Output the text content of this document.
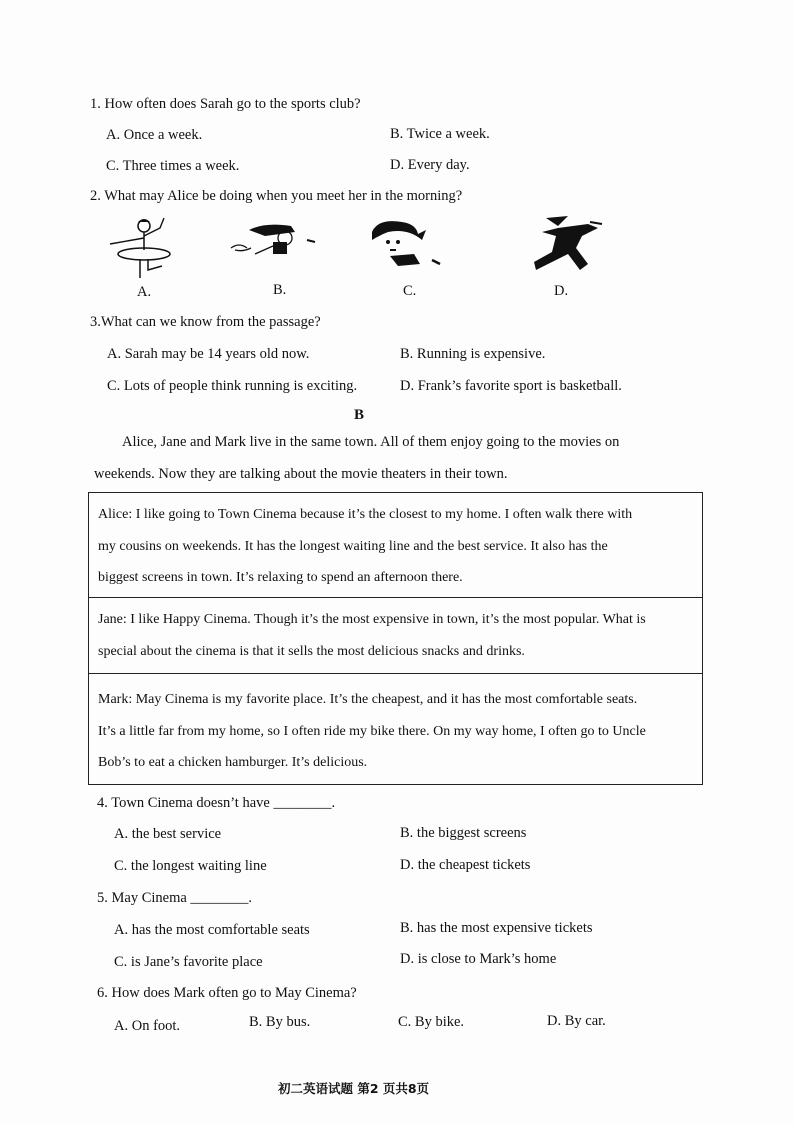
1. How often does Sarah go to the sports club?
A. Once a week.	B. Twice a week.
C. Three times a week.	D. Every day.
2. What may Alice be doing when you meet her in the morning?
A.	B.	C.	D.
3.What can we know from the passage?
A. Sarah may be 14 years old now.	B. Running is expensive.
C. Lots of people think running is exciting.	D. Frank’s favorite sport is basketball.
B
Alice, Jane and Mark live in the same town. All of them enjoy going to the movies on
weekends. Now they are talking about the movie theaters in their town.

Alice: I like going to Town Cinema because it’s the closest to my home. I often walk there with

my cousins on weekends. It has the longest waiting line and the best service. It also has the

biggest screens in town. It’s relaxing to spend an afternoon there.

Jane: I like Happy Cinema. Though it’s the most expensive in town, it’s the most popular. What is

special about the cinema is that it sells the most delicious snacks and drinks.

Mark: May Cinema is my favorite place. It’s the cheapest, and it has the most comfortable seats.

It’s a little far from my home, so I often ride my bike there. On my way home, I often go to Uncle

Bob’s to eat a chicken hamburger. It’s delicious.

4. Town Cinema doesn’t have ________.
A. the best service	B. the biggest screens
C. the longest waiting line	D. the cheapest tickets
5. May Cinema ________.
A. has the most comfortable seats	B. has the most expensive tickets
C. is Jane’s favorite place	D. is close to Mark’s home
6. How does Mark often go to May Cinema?
A. On foot.	B. By bus.	C. By bike.	D. By car.
初二英语试题 第2 页共8页
